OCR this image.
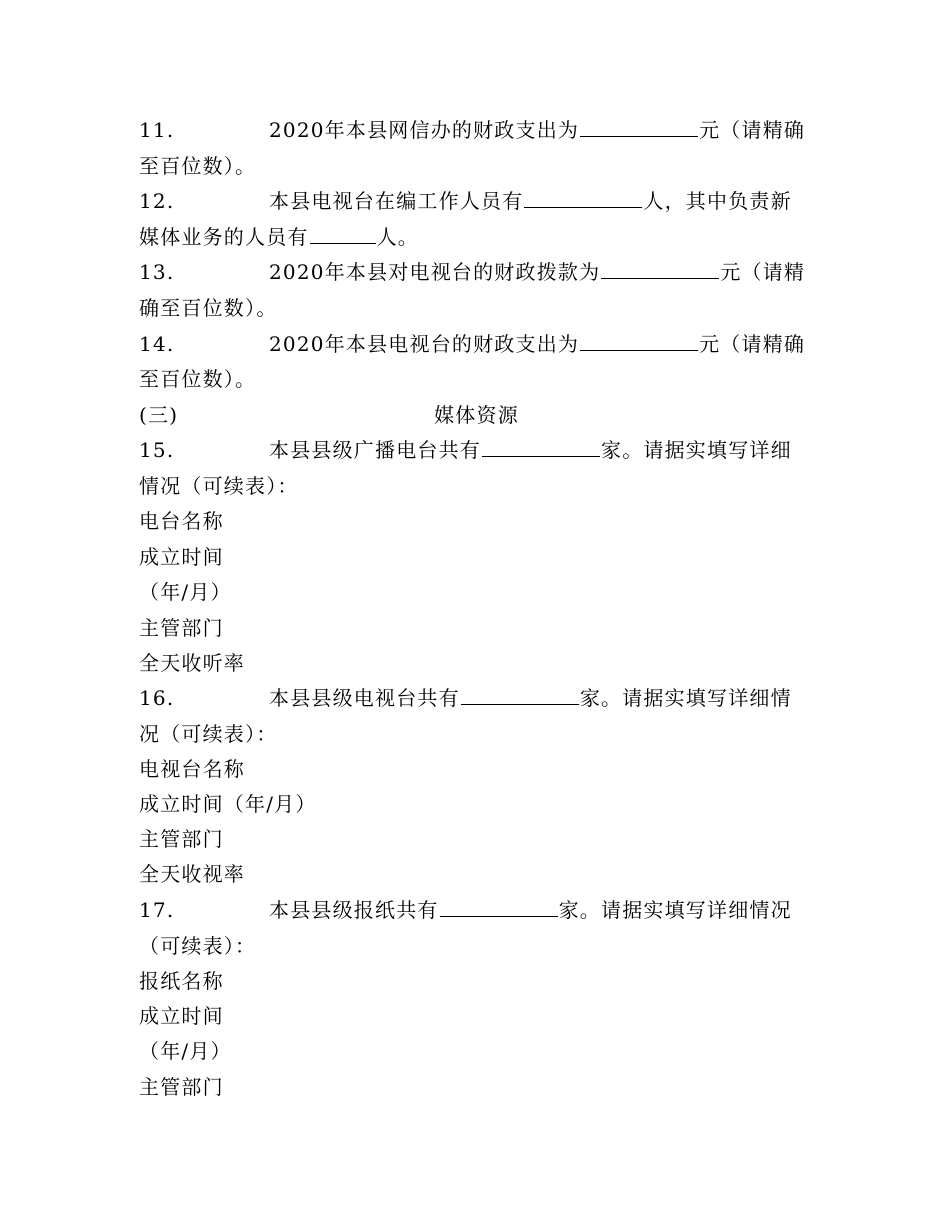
11.	2020年本县网信办的财政支出为	元（请精确
至百位数）。
12.	本县电视台在编工作人员有	人，其中负责新
媒体业务的人员有	人。
13.	2020年本县对电视台的财政拨款为	元（请精
确至百位数）。
14.	2020年本县电视台的财政支出为	元（请精确
至百位数）。
(三)	媒体资源
15.	本县县级广播电台共有	家。请据实填写详细
情况（可续表）：
电台名称
成立时间
（年/月）
主管部门
全天收听率
16.	本县县级电视台共有	家。请据实填写详细情
况（可续表）：
电视台名称
成立时间（年/月）
主管部门
全天收视率
17.	本县县级报纸共有	家。请据实填写详细情况
（可续表）：
报纸名称
成立时间
（年/月）
主管部门
